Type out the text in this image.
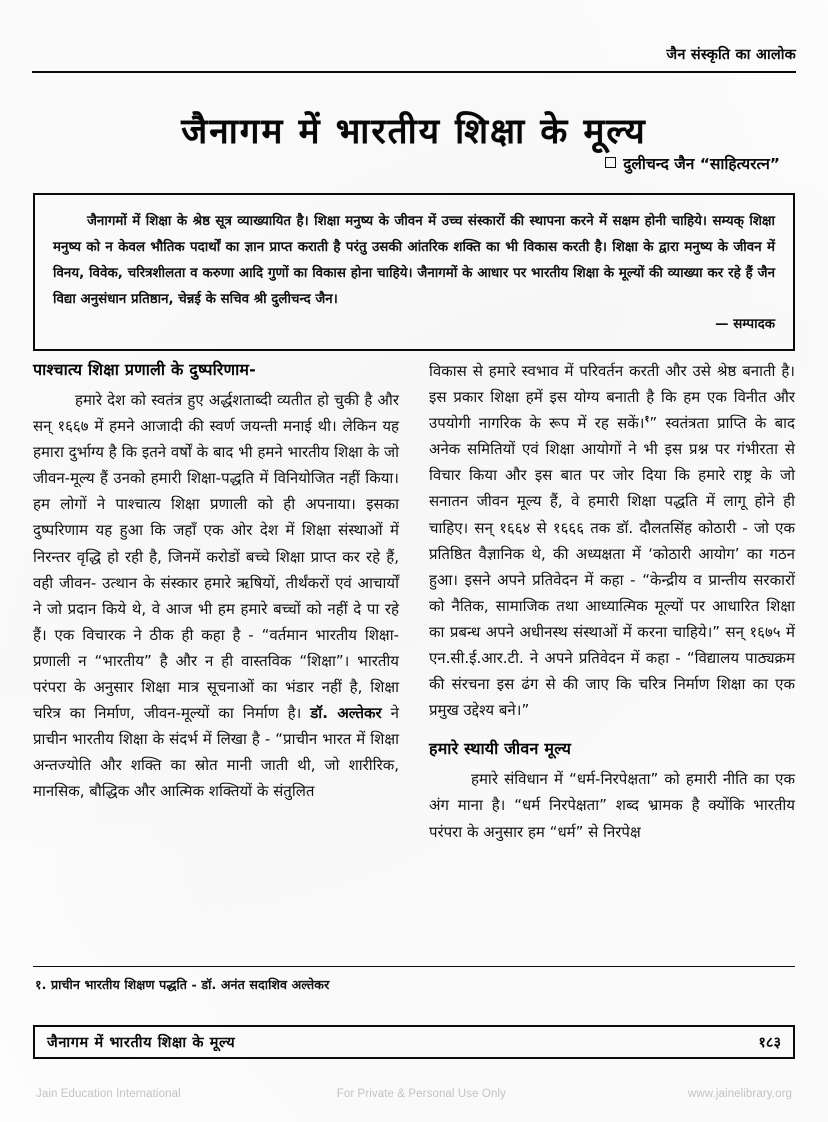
जैन संस्कृति का आलोक
जैनागम में भारतीय शिक्षा के मूल्य
दुलीचन्द जैन “साहित्यरत्न”
जैनागमों में शिक्षा के श्रेष्ठ सूत्र व्याख्यायित है। शिक्षा मनुष्य के जीवन में उच्च संस्कारों की स्थापना करने में सक्षम होनी चाहिये। सम्यक् शिक्षा मनुष्य को न केवल भौतिक पदार्थों का ज्ञान प्राप्त कराती है परंतु उसकी आंतरिक शक्ति का भी विकास करती है। शिक्षा के द्वारा मनुष्य के जीवन में विनय, विवेक, चरित्रशीलता व करुणा आदि गुणों का विकास होना चाहिये। जैनागमों के आधार पर भारतीय शिक्षा के मूल्यों की व्याख्या कर रहे हैं जैन विद्या अनुसंधान प्रतिष्ठान, चेन्नई के सचिव श्री दुलीचन्द जैन।
— सम्पादक
पाश्चात्य शिक्षा प्रणाली के दुष्परिणाम-

हमारे देश को स्वतंत्र हुए अर्द्धशताब्दी व्यतीत हो चुकी है और सन् १६६७ में हमने आजादी की स्वर्ण जयन्ती मनाई थी। लेकिन यह हमारा दुर्भाग्य है कि इतने वर्षों के बाद भी हमने भारतीय शिक्षा के जो जीवन-मूल्य हैं उनको हमारी शिक्षा-पद्धति में विनियोजित नहीं किया। हम लोगों ने पाश्चात्य शिक्षा प्रणाली को ही अपनाया। इसका दुष्परिणाम यह हुआ कि जहाँ एक ओर देश में शिक्षा संस्थाओं में निरन्तर वृद्धि हो रही है, जिनमें करोडों बच्चे शिक्षा प्राप्त कर रहे हैं, वही जीवन- उत्थान के संस्कार हमारे ऋषियों, तीर्थंकरों एवं आचार्यों ने जो प्रदान किये थे, वे आज भी हम हमारे बच्चों को नहीं दे पा रहे हैं। एक विचारक ने ठीक ही कहा है - “वर्तमान भारतीय शिक्षा-प्रणाली न “भारतीय” है और न ही वास्तविक “शिक्षा”। भारतीय परंपरा के अनुसार शिक्षा मात्र सूचनाओं का भंडार नहीं है, शिक्षा चरित्र का निर्माण, जीवन-मूल्यों का निर्माण है। डॉ. अल्तेकर ने प्राचीन भारतीय शिक्षा के संदर्भ में लिखा है - “प्राचीन भारत में शिक्षा अन्तज्योति और शक्ति का स्रोत मानी जाती थी, जो शारीरिक, मानसिक, बौद्धिक और आत्मिक शक्तियों के संतुलित

विकास से हमारे स्वभाव में परिवर्तन करती और उसे श्रेष्ठ बनाती है। इस प्रकार शिक्षा हमें इस योग्य बनाती है कि हम एक विनीत और उपयोगी नागरिक के रूप में रह सकें।$^१$” स्वतंत्रता प्राप्ति के बाद अनेक समितियों एवं शिक्षा आयोगों ने भी इस प्रश्न पर गंभीरता से विचार किया और इस बात पर जोर दिया कि हमारे राष्ट्र के जो सनातन जीवन मूल्य हैं, वे हमारी शिक्षा पद्धति में लागू होने ही चाहिए। सन् १६६४ से १६६६ तक डॉ. दौलतसिंह कोठारी - जो एक प्रतिष्ठित वैज्ञानिक थे, की अध्यक्षता में ‘कोठारी आयोग’ का गठन हुआ। इसने अपने प्रतिवेदन में कहा - “केन्द्रीय व प्रान्तीय सरकारों को नैतिक, सामाजिक तथा आध्यात्मिक मूल्यों पर आधारित शिक्षा का प्रबन्ध अपने अधीनस्थ संस्थाओं में करना चाहिये।” सन् १६७५ में एन.सी.ई.आर.टी. ने अपने प्रतिवेदन में कहा - “विद्यालय पाठ्यक्रम की संरचना इस ढंग से की जाए कि चरित्र निर्माण शिक्षा का एक प्रमुख उद्देश्य बने।”

हमारे स्थायी जीवन मूल्य

हमारे संविधान में “धर्म-निरपेक्षता” को हमारी नीति का एक अंग माना है। “धर्म निरपेक्षता” शब्द भ्रामक है क्योंकि भारतीय परंपरा के अनुसार हम “धर्म” से निरपेक्ष

१. प्राचीन भारतीय शिक्षण पद्धति - डॉ. अनंत सदाशिव अल्तेकर
जैनागम में भारतीय शिक्षा के मूल्य	१८३
Jain Education International	For Private & Personal Use Only	www.jainelibrary.org
